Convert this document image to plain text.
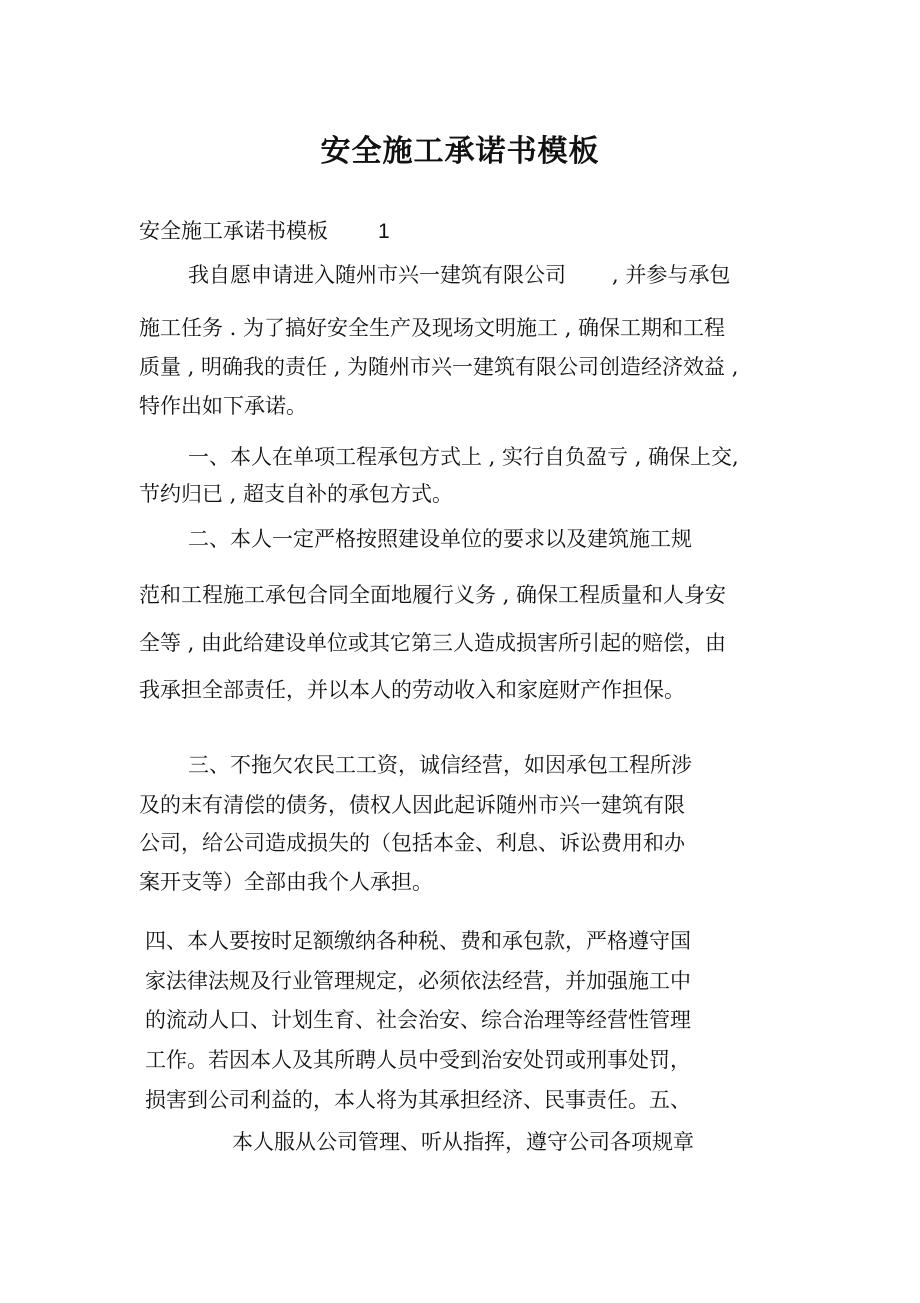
安全施工承诺书模板

安全施工承诺书模板 1

我自愿申请进入随州市兴一建筑有限公司 , 并参与承包

施工任务 . 为了搞好安全生产及现场文明施工 , 确保工期和工程

质量 , 明确我的责任 , 为随州市兴一建筑有限公司创造经济效益 ,

特作出如下承诺。

一、本人在单项工程承包方式上 , 实行自负盈亏 , 确保上交,

节约归已 , 超支自补的承包方式。

二、本人一定严格按照建设单位的要求以及建筑施工规

范和工程施工承包合同全面地履行义务 , 确保工程质量和人身安

全等 , 由此给建设单位或其它第三人造成损害所引起的赔偿，由

我承担全部责任，并以本人的劳动收入和家庭财产作担保。

三、不拖欠农民工工资，诚信经营，如因承包工程所涉

及的末有清偿的债务，债权人因此起诉随州市兴一建筑有限

公司，给公司造成损失的（包括本金、利息、诉讼费用和办

案开支等）全部由我个人承担。

四、本人要按时足额缴纳各种税、费和承包款，严格遵守国

家法律法规及行业管理规定，必须依法经营，并加强施工中

的流动人口、计划生育、社会治安、综合治理等经营性管理

工作。若因本人及其所聘人员中受到治安处罚或刑事处罚，

损害到公司利益的，本人将为其承担经济、民事责任。五、

本人服从公司管理、听从指挥，遵守公司各项规章
